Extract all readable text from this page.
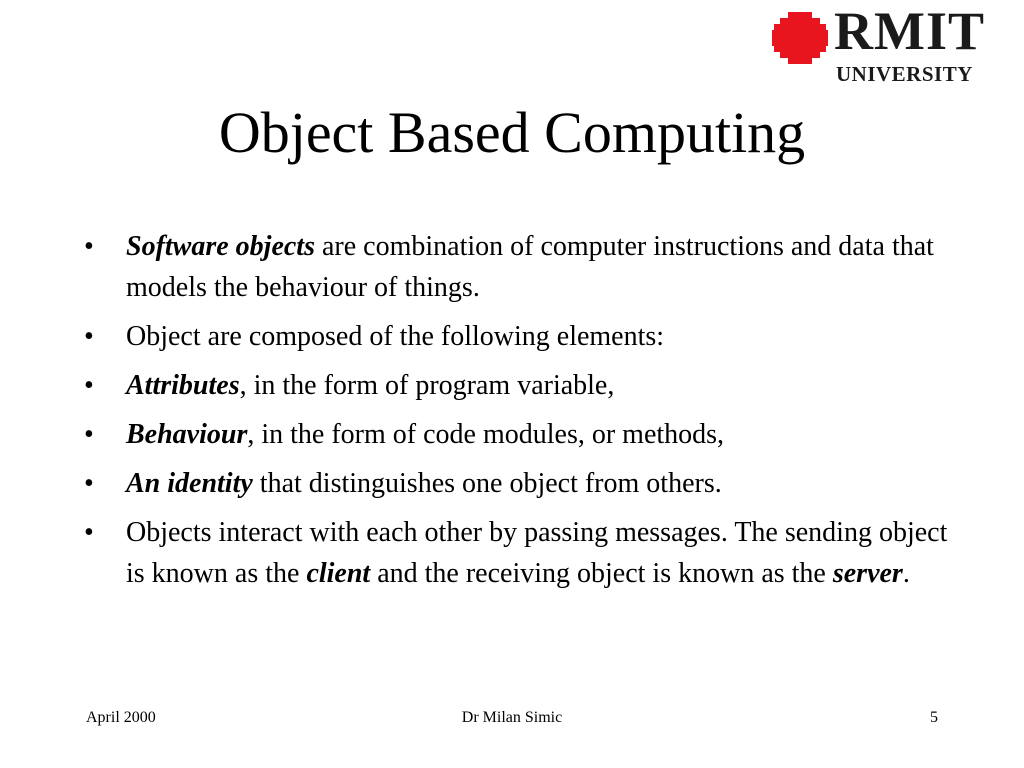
RMIT
UNIVERSITY
Object Based Computing
• Software objects are combination of computer instructions and data that models the behaviour of things.
• Object are composed of the following elements:
• Attributes, in the form of program variable,
• Behaviour, in the form of code modules, or methods,
• An identity that distinguishes one object from others.
• Objects interact with each other by passing messages. The sending object is known as the client and the receiving object is known as the server.
Dr Milan Simic
April 2000	5
